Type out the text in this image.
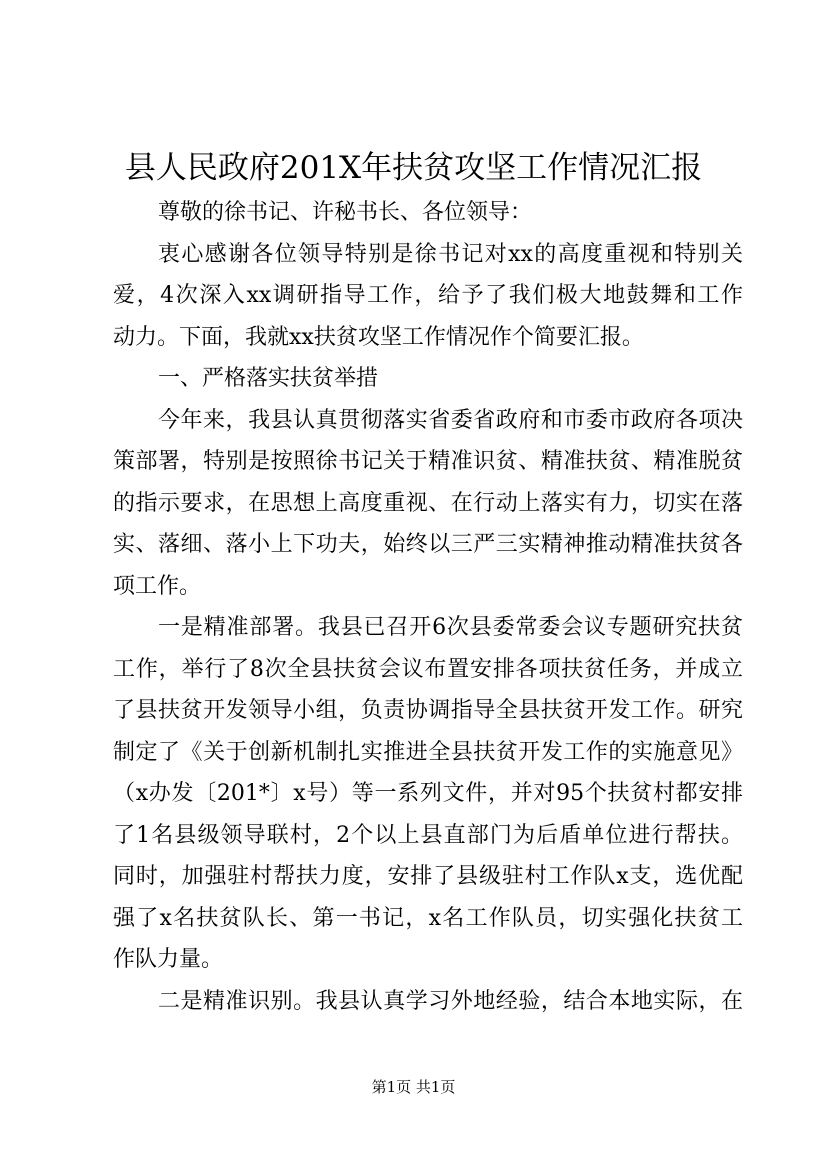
县人民政府201X年扶贫攻坚工作情况汇报
尊敬的徐书记、许秘书长、各位领导：
衷心感谢各位领导特别是徐书记对xx的高度重视和特别关
爱，4次深入xx调研指导工作，给予了我们极大地鼓舞和工作
动力。下面，我就xx扶贫攻坚工作情况作个简要汇报。
一、严格落实扶贫举措
今年来，我县认真贯彻落实省委省政府和市委市政府各项决
策部署，特别是按照徐书记关于精准识贫、精准扶贫、精准脱贫
的指示要求，在思想上高度重视、在行动上落实有力，切实在落
实、落细、落小上下功夫，始终以三严三实精神推动精准扶贫各
项工作。
一是精准部署。我县已召开6次县委常委会议专题研究扶贫
工作，举行了8次全县扶贫会议布置安排各项扶贫任务，并成立
了县扶贫开发领导小组，负责协调指导全县扶贫开发工作。研究
制定了《关于创新机制扎实推进全县扶贫开发工作的实施意见》
（x办发〔201*〕x号）等一系列文件，并对95个扶贫村都安排
了1名县级领导联村，2个以上县直部门为后盾单位进行帮扶。
同时，加强驻村帮扶力度，安排了县级驻村工作队x支，选优配
强了x名扶贫队长、第一书记，x名工作队员，切实强化扶贫工
作队力量。
二是精准识别。我县认真学习外地经验，结合本地实际，在
第1页 共1页
